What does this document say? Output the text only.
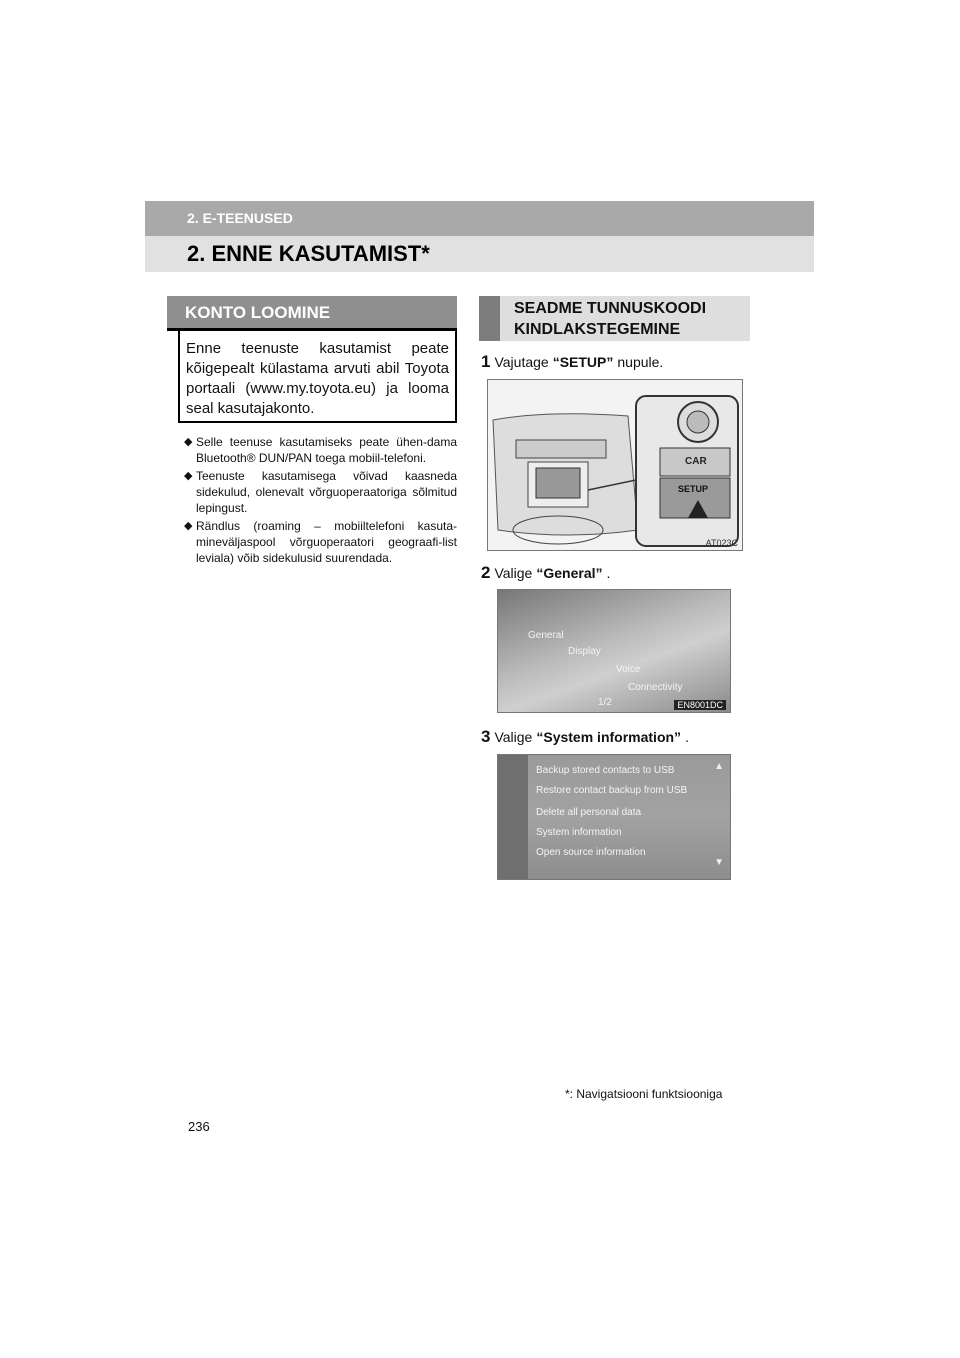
2. E-TEENUSED
2. ENNE KASUTAMIST*
KONTO LOOMINE
Enne teenuste kasutamist peate kõigepealt külastama arvuti abil Toyota portaali (www.my.toyota.eu) ja looma seal kasutajakonto.
◆ Selle teenuse kasutamiseks peate ühen-dama Bluetooth® DUN/PAN toega mobiil-telefoni.
◆ Teenuste kasutamisega võivad kaasneda sidekulud, olenevalt võrguoperaatoriga sõlmitud lepingust.
◆ Rändlus (roaming – mobiiltelefoni kasuta-mineväljaspool võrguoperaatori geograafi-list leviala) võib sidekulusid suurendada.
SEADME TUNNUSKOODI KINDLAKSTEGEMINE
1 Vajutage “SETUP” nupule.
CAR
SETUP
AT023C
2 Valige “General” .
General
Display
Voice
Connectivity
1/2	EN8001DC
3 Valige “System information” .
Backup stored contacts to USB
Restore contact backup from USB
Delete all personal data
System information
Open source information
▲
▼
*: Navigatsiooni funktsiooniga
236
